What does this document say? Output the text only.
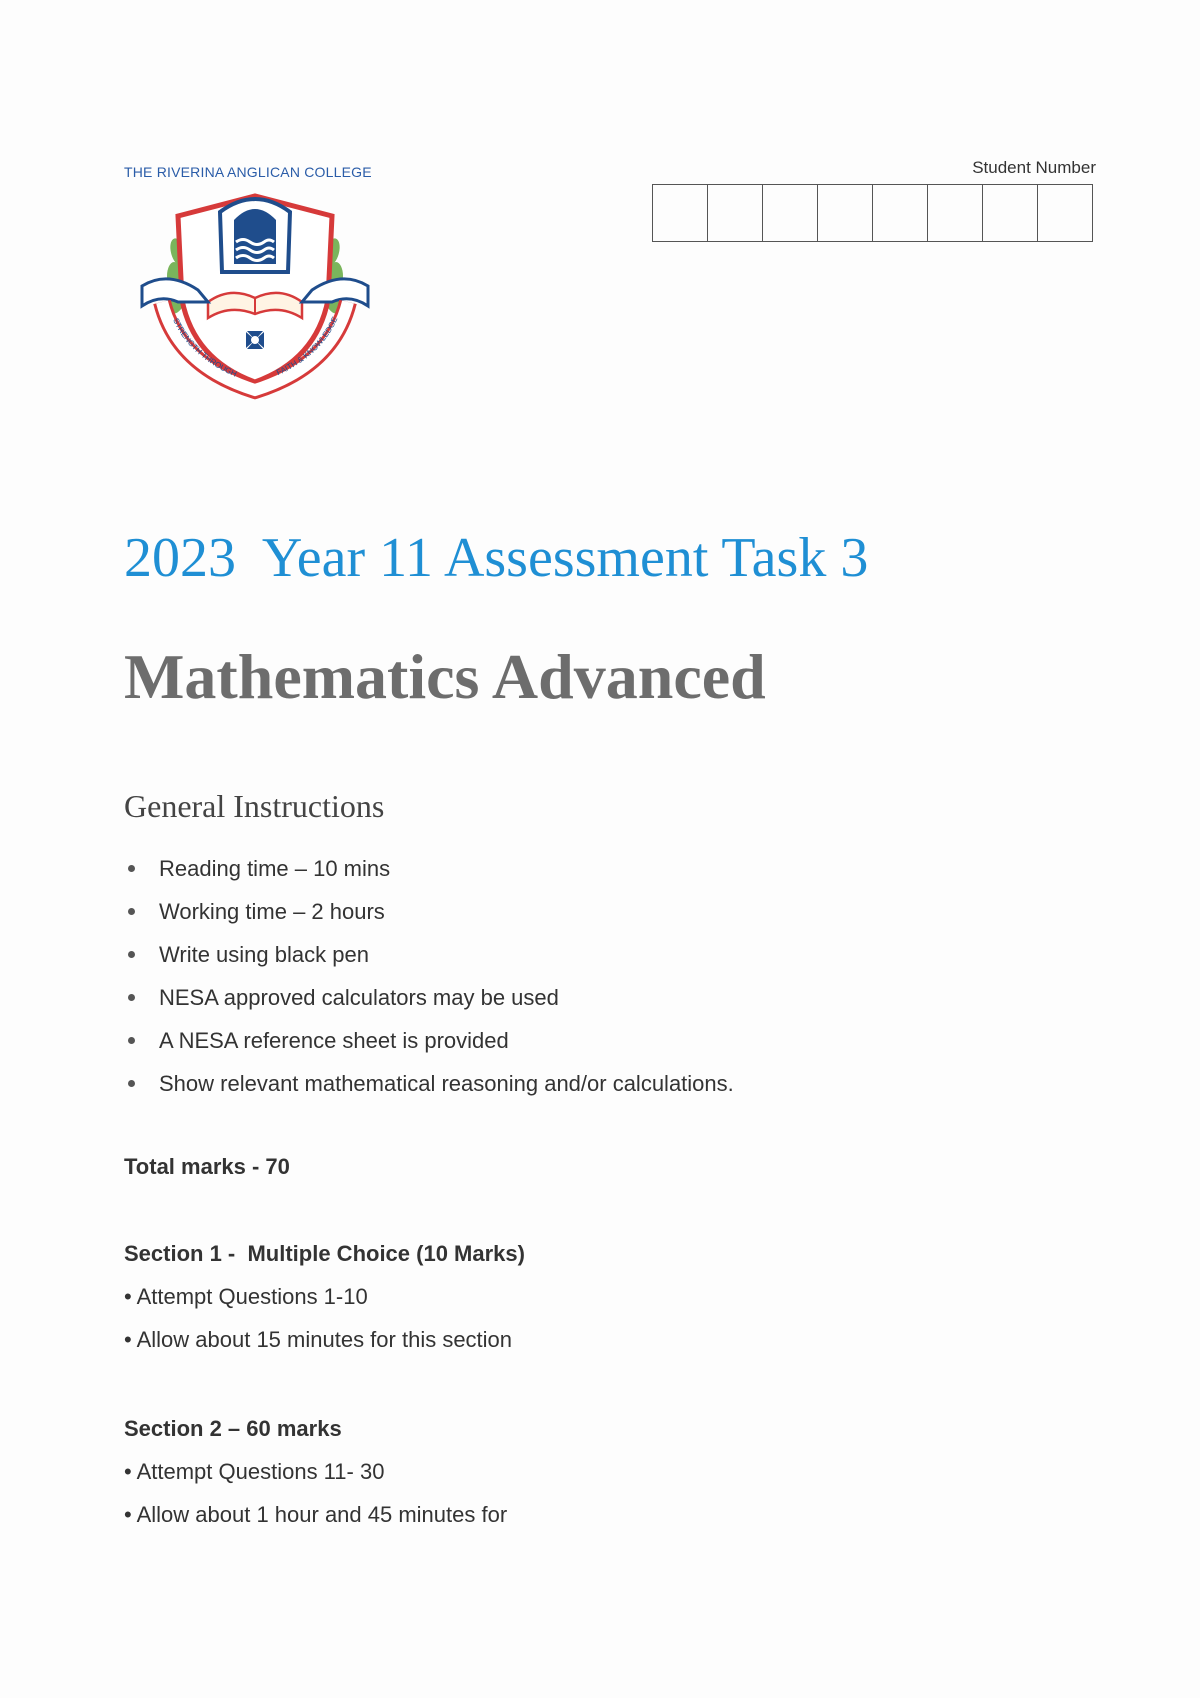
THE RIVERINA ANGLICAN COLLEGE
STRENGTH THROUGH	FAITH & KNOWLEDGE
Student Number
2023  Year 11 Assessment Task 3
Mathematics Advanced
General Instructions
Reading time – 10 mins
Working time – 2 hours
Write using black pen
NESA approved calculators may be used
A NESA reference sheet is provided
Show relevant mathematical reasoning and/or calculations.
Total marks - 70
Section 1 -  Multiple Choice (10 Marks)
• Attempt Questions 1-10
• Allow about 15 minutes for this section
Section 2 – 60 marks
• Attempt Questions 11- 30
• Allow about 1 hour and 45 minutes for
